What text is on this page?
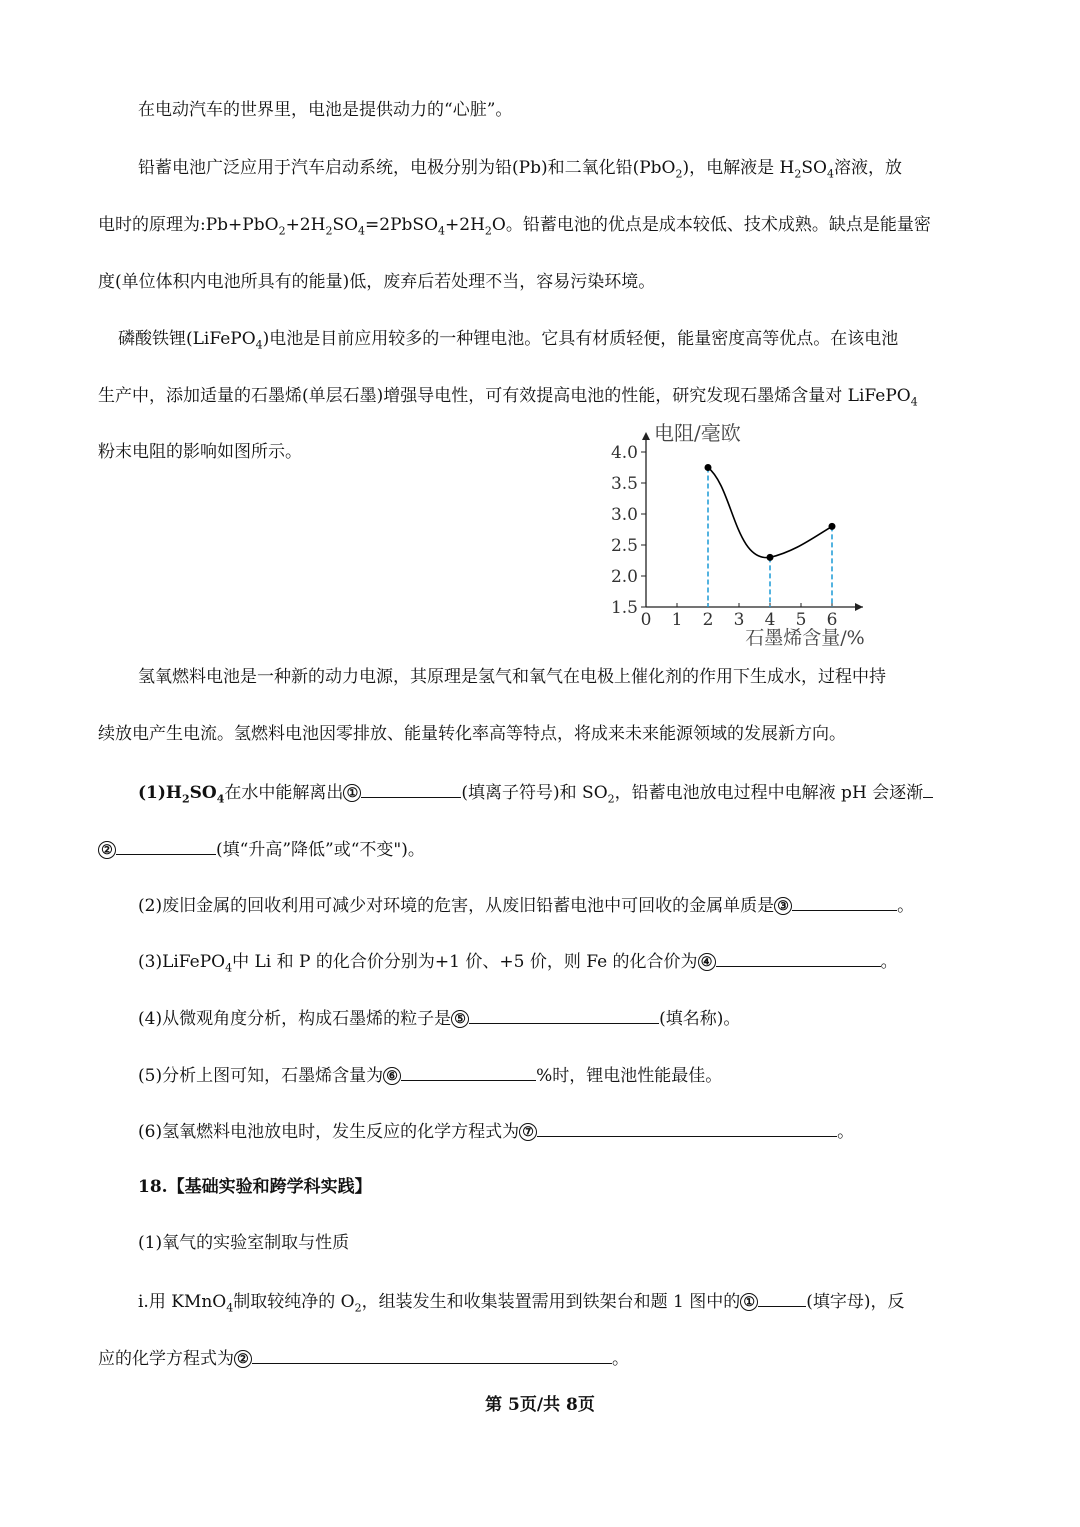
在电动汽车的世界里，电池是提供动力的“心脏”。
铅蓄电池广泛应用于汽车启动系统，电极分别为铅(Pb)和二氧化铅(PbO$_2$)，电解液是 $H_2SO_4$溶液，放
电时的原理为$:Pb+PbO_2+2H_2SO_4=2PbSO_4+2H_2O$。铅蓄电池的优点是成本较低、技术成熟。缺点是能量密
度(单位体积内电池所具有的能量)低，废弃后若处理不当，容易污染环境。
磷酸铁锂(LiFePO$_4$)电池是目前应用较多的一种锂电池。它具有材质轻便，能量密度高等优点。在该电池
生产中，添加适量的石墨烯(单层石墨)增强导电性，可有效提高电池的性能，研究发现石墨烯含量对 LiFePO$_4$
粉末电阻的影响如图所示。
电阻/毫欧
石墨烯含量/%
1.5
2.0
2.5
3.0
3.5
4.0
0 1 2 3 4 5 6
氢氧燃料电池是一种新的动力电源，其原理是氢气和氧气在电极上催化剂的作用下生成水，过程中持
续放电产生电流。氢燃料电池因零排放、能量转化率高等特点，将成来未来能源领域的发展新方向。
$(1)H_2SO_4$在水中能解离出 ①	(填离子符号)和 $SO_2$，铅蓄电池放电过程中电解液 pH 会逐渐
②	(填“升高”降低”或“不变")。
(2)废旧金属的回收利用可减少对环境的危害，从废旧铅蓄电池中可回收的金属单质是 ③	。
(3)LiFePO$_4$中 Li 和 P 的化合价分别为+1 价、+5 价，则 Fe 的化合价为 ④	。
(4)从微观角度分析，构成石墨烯的粒子是 ⑤	(填名称)。
(5)分析上图可知，石墨烯含量为 ⑥	%时，锂电池性能最佳。
(6)氢氧燃料电池放电时，发生反应的化学方程式为 ⑦	。
18.【基础实验和跨学科实践】
(1)氧气的实验室制取与性质
i.用 KMnO$_4$制取较纯净的 $O_2$，组装发生和收集装置需用到铁架台和题 1 图中的 ①	(填字母)，反
应的化学方程式为 ②	。
第 5页/共 8页
